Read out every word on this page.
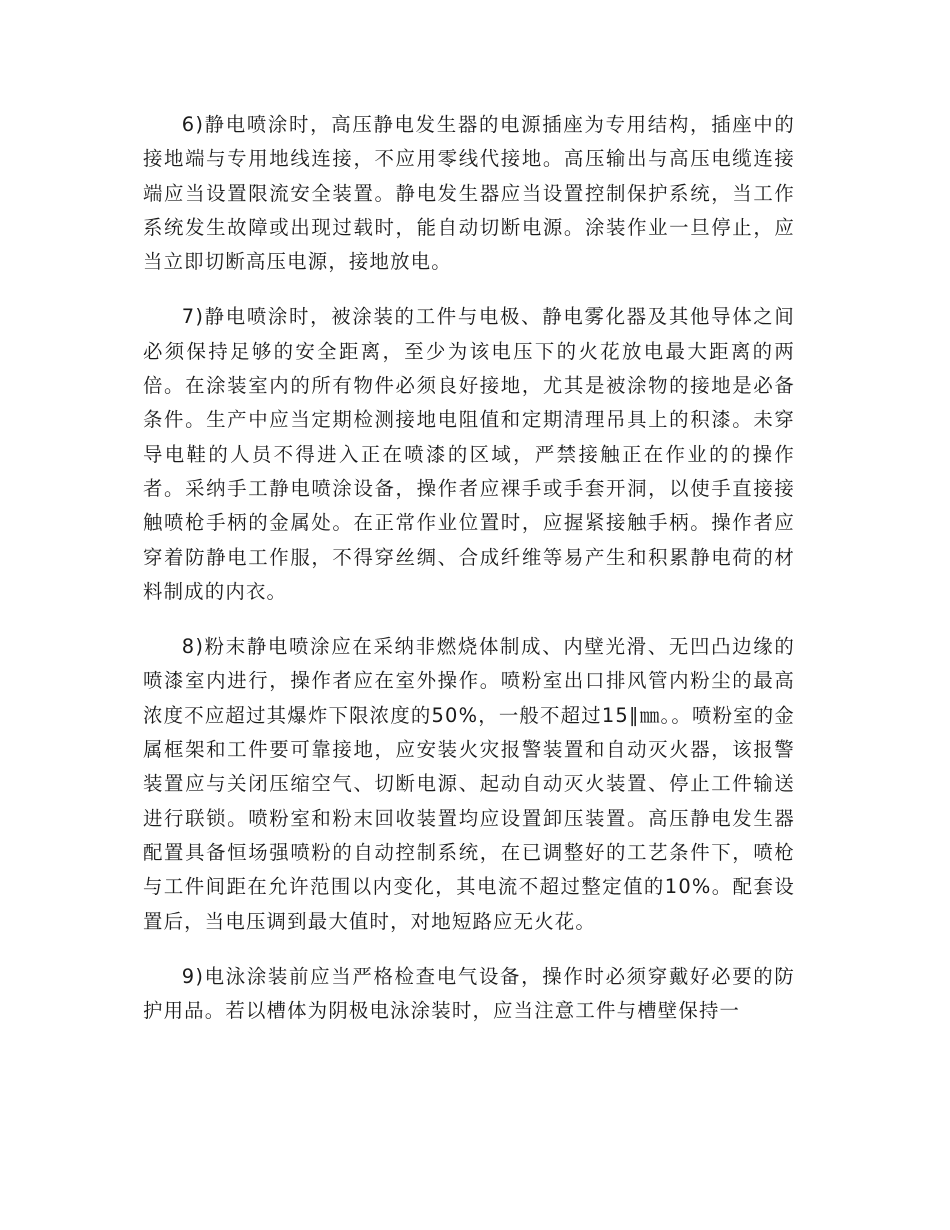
6)静电喷涂时，高压静电发生器的电源插座为专用结构，插座中的接地端与专用地线连接，不应用零线代接地。高压输出与高压电缆连接端应当设置限流安全装置。静电发生器应当设置控制保护系统，当工作系统发生故障或出现过载时，能自动切断电源。涂装作业一旦停止，应当立即切断高压电源，接地放电。

7)静电喷涂时，被涂装的工件与电极、静电雾化器及其他导体之间必须保持足够的安全距离，至少为该电压下的火花放电最大距离的两倍。在涂装室内的所有物件必须良好接地，尤其是被涂物的接地是必备条件。生产中应当定期检测接地电阻值和定期清理吊具上的积漆。未穿导电鞋的人员不得进入正在喷漆的区域，严禁接触正在作业的的操作者。采纳手工静电喷涂设备，操作者应裸手或手套开洞，以使手直接接触喷枪手柄的金属处。在正常作业位置时，应握紧接触手柄。操作者应穿着防静电工作服，不得穿丝绸、合成纤维等易产生和积累静电荷的材料制成的内衣。

8)粉末静电喷涂应在采纳非燃烧体制成、内壁光滑、无凹凸边缘的喷漆室内进行，操作者应在室外操作。喷粉室出口排风管内粉尘的最高浓度不应超过其爆炸下限浓度的50%，一般不超过15∥㎜。。喷粉室的金属框架和工件要可靠接地，应安装火灾报警装置和自动灭火器，该报警装置应与关闭压缩空气、切断电源、起动自动灭火装置、停止工件输送进行联锁。喷粉室和粉末回收装置均应设置卸压装置。高压静电发生器配置具备恒场强喷粉的自动控制系统，在已调整好的工艺条件下，喷枪与工件间距在允许范围以内变化，其电流不超过整定值的10%。配套设置后，当电压调到最大值时，对地短路应无火花。

9)电泳涂装前应当严格检查电气设备，操作时必须穿戴好必要的防护用品。若以槽体为阴极电泳涂装时，应当注意工件与槽壁保持一
